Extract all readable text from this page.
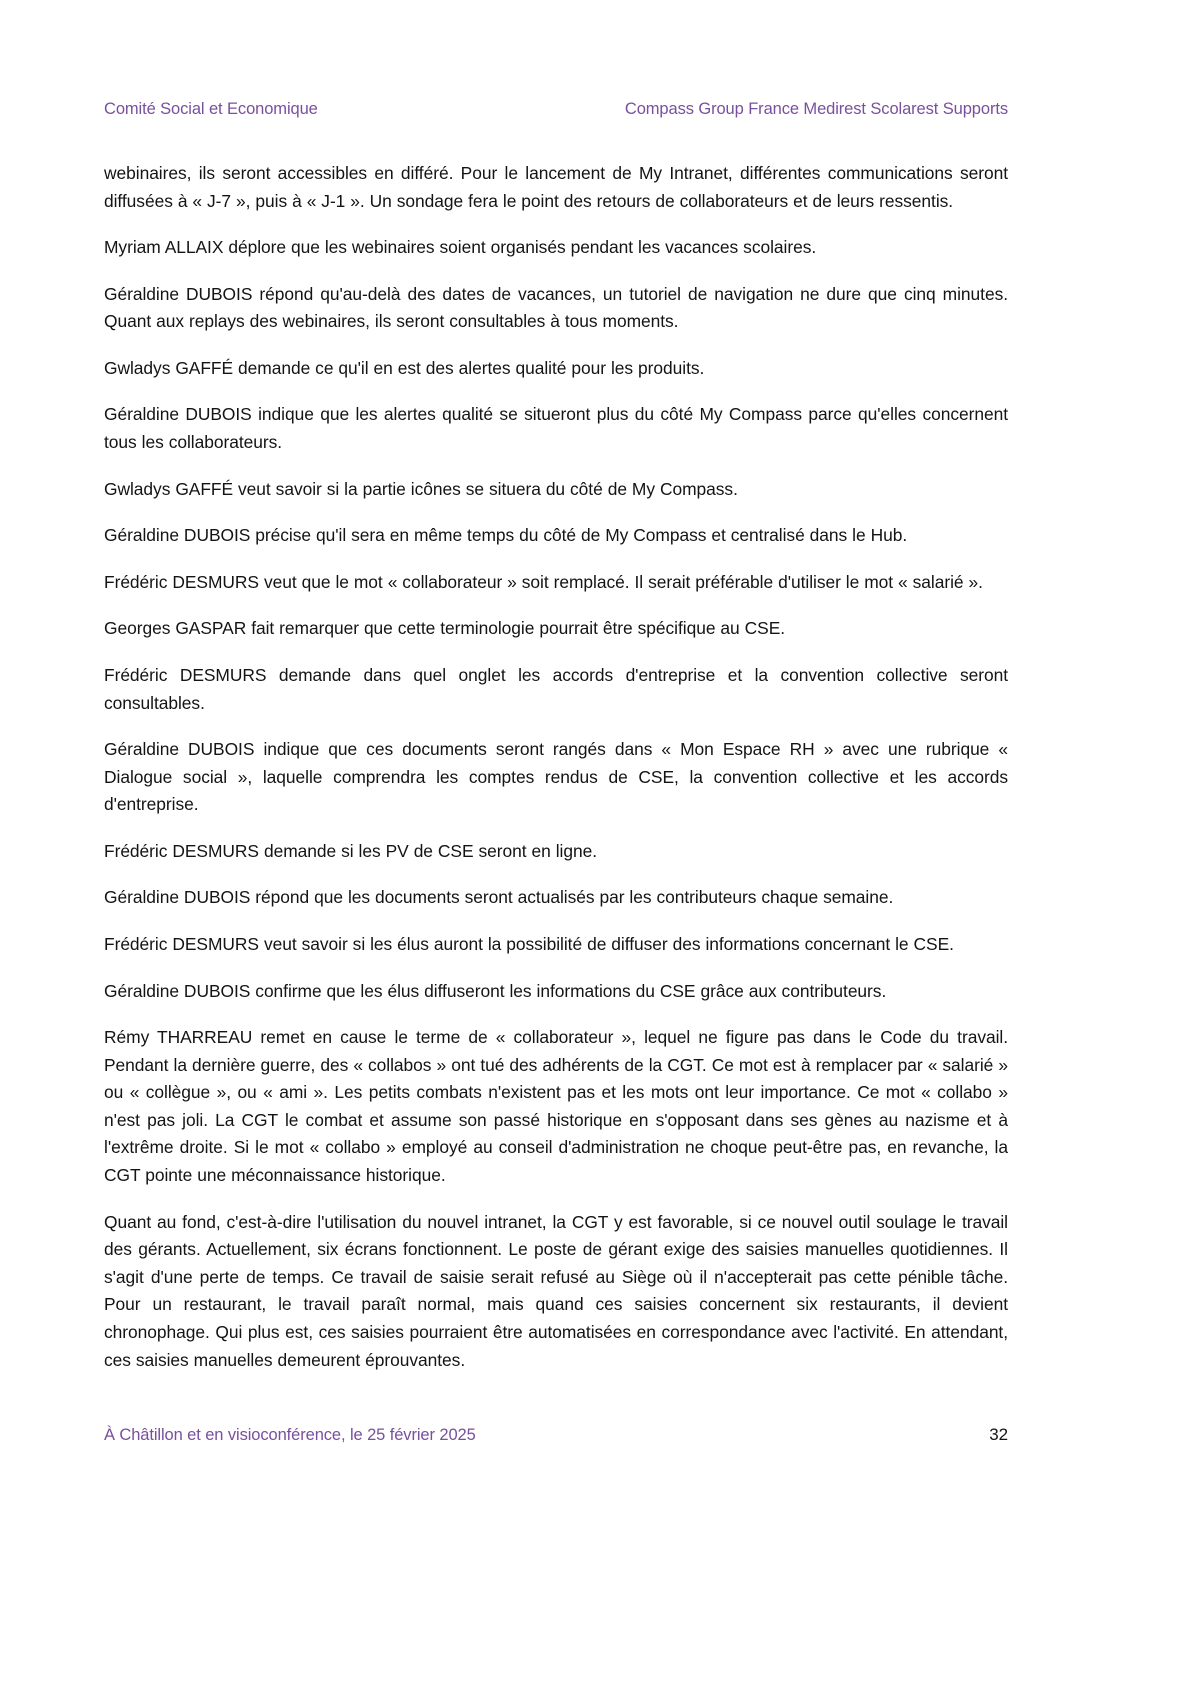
Comité Social et Economique	Compass Group France Medirest Scolarest Supports

webinaires, ils seront accessibles en différé. Pour le lancement de My Intranet, différentes communications seront diffusées à « J-7 », puis à « J-1 ». Un sondage fera le point des retours de collaborateurs et de leurs ressentis.

Myriam ALLAIX déplore que les webinaires soient organisés pendant les vacances scolaires.

Géraldine DUBOIS répond qu'au-delà des dates de vacances, un tutoriel de navigation ne dure que cinq minutes. Quant aux replays des webinaires, ils seront consultables à tous moments.

Gwladys GAFFÉ demande ce qu'il en est des alertes qualité pour les produits.

Géraldine DUBOIS indique que les alertes qualité se situeront plus du côté My Compass parce qu'elles concernent tous les collaborateurs.

Gwladys GAFFÉ veut savoir si la partie icônes se situera du côté de My Compass.

Géraldine DUBOIS précise qu'il sera en même temps du côté de My Compass et centralisé dans le Hub.

Frédéric DESMURS veut que le mot « collaborateur » soit remplacé. Il serait préférable d'utiliser le mot « salarié ».

Georges GASPAR fait remarquer que cette terminologie pourrait être spécifique au CSE.

Frédéric DESMURS demande dans quel onglet les accords d'entreprise et la convention collective seront consultables.

Géraldine DUBOIS indique que ces documents seront rangés dans « Mon Espace RH » avec une rubrique « Dialogue social », laquelle comprendra les comptes rendus de CSE, la convention collective et les accords d'entreprise.

Frédéric DESMURS demande si les PV de CSE seront en ligne.

Géraldine DUBOIS répond que les documents seront actualisés par les contributeurs chaque semaine.

Frédéric DESMURS veut savoir si les élus auront la possibilité de diffuser des informations concernant le CSE.

Géraldine DUBOIS confirme que les élus diffuseront les informations du CSE grâce aux contributeurs.

Rémy THARREAU remet en cause le terme de « collaborateur », lequel ne figure pas dans le Code du travail. Pendant la dernière guerre, des « collabos » ont tué des adhérents de la CGT. Ce mot est à remplacer par « salarié » ou « collègue », ou « ami ». Les petits combats n'existent pas et les mots ont leur importance. Ce mot « collabo » n'est pas joli. La CGT le combat et assume son passé historique en s'opposant dans ses gènes au nazisme et à l'extrême droite. Si le mot « collabo » employé au conseil d'administration ne choque peut-être pas, en revanche, la CGT pointe une méconnaissance historique.

Quant au fond, c'est-à-dire l'utilisation du nouvel intranet, la CGT y est favorable, si ce nouvel outil soulage le travail des gérants. Actuellement, six écrans fonctionnent. Le poste de gérant exige des saisies manuelles quotidiennes. Il s'agit d'une perte de temps. Ce travail de saisie serait refusé au Siège où il n'accepterait pas cette pénible tâche. Pour un restaurant, le travail paraît normal, mais quand ces saisies concernent six restaurants, il devient chronophage. Qui plus est, ces saisies pourraient être automatisées en correspondance avec l'activité. En attendant, ces saisies manuelles demeurent éprouvantes.

À Châtillon et en visioconférence, le 25 février 2025	32
